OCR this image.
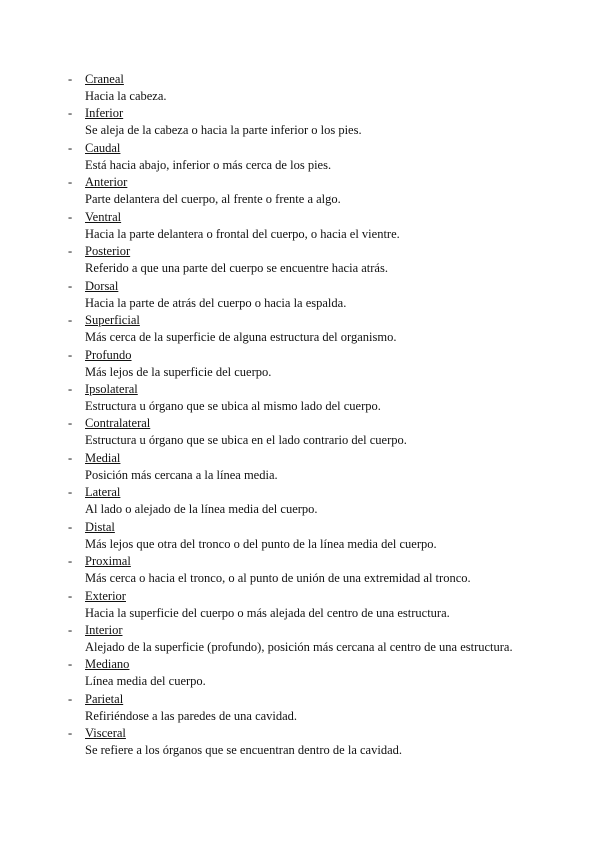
- Craneal
Hacia la cabeza.
- Inferior
Se aleja de la cabeza o hacia la parte inferior o los pies.
- Caudal
Está hacia abajo, inferior o más cerca de los pies.
- Anterior
Parte delantera del cuerpo, al frente o frente a algo.
- Ventral
Hacia la parte delantera o frontal del cuerpo, o hacia el vientre.
- Posterior
Referido a que una parte del cuerpo se encuentre hacia atrás.
- Dorsal
Hacia la parte de atrás del cuerpo o hacia la espalda.
- Superficial
Más cerca de la superficie de alguna estructura del organismo.
- Profundo
Más lejos de la superficie del cuerpo.
- Ipsolateral
Estructura u órgano que se ubica al mismo lado del cuerpo.
- Contralateral
Estructura u órgano que se ubica en el lado contrario del cuerpo.
- Medial
Posición más cercana a la línea media.
- Lateral
Al lado o alejado de la línea media del cuerpo.
- Distal
Más lejos que otra del tronco o del punto de la línea media del cuerpo.
- Proximal
Más cerca o hacia el tronco, o al punto de unión de una extremidad al tronco.
- Exterior
Hacia la superficie del cuerpo o más alejada del centro de una estructura.
- Interior
Alejado de la superficie (profundo), posición más cercana al centro de una estructura.
- Mediano
Línea media del cuerpo.
- Parietal
Refiriéndose a las paredes de una cavidad.
- Visceral
Se refiere a los órganos que se encuentran dentro de la cavidad.
